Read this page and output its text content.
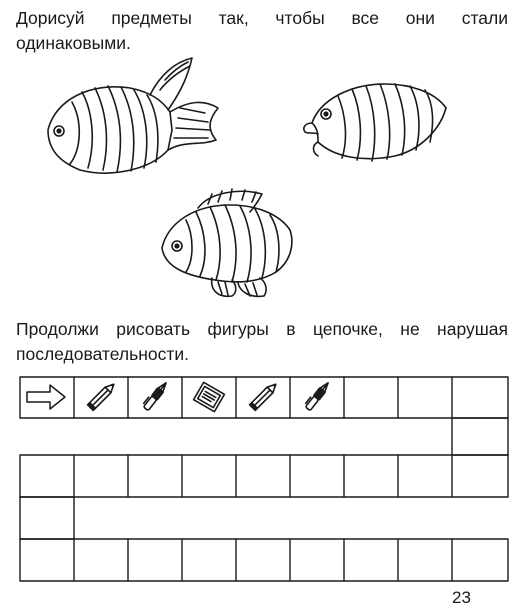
Дорисуй предметы так, чтобы все они стали
одинаковыми.
Продолжи рисовать фигуры в цепочке, не нарушая
последовательности.
23
